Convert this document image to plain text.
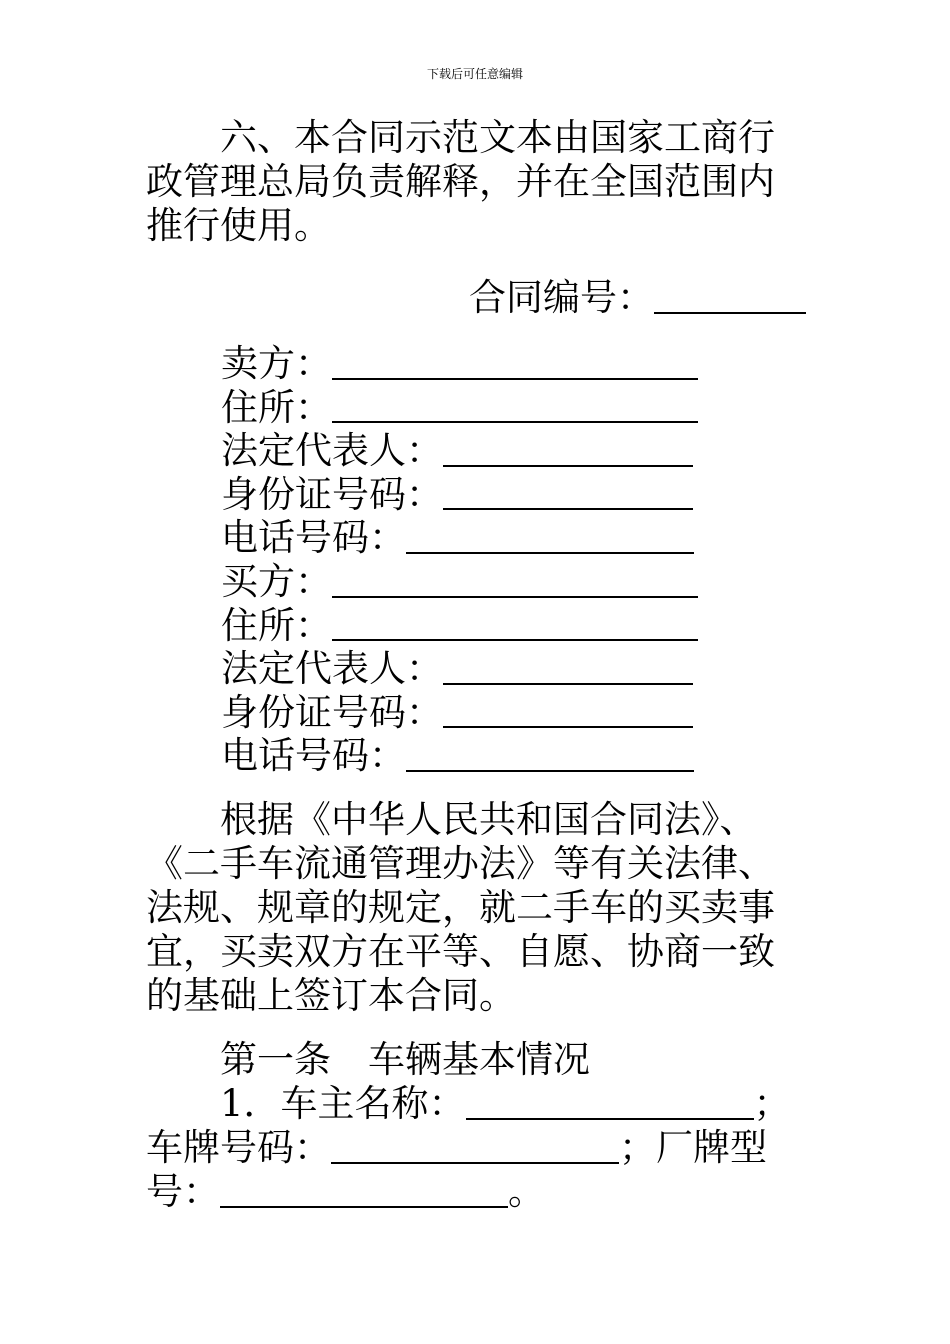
下载后可任意编辑

六、本合同示范文本由国家工商行政管理总局负责解释，并在全国范围内推行使用。

合同编号：
卖方：
住所：
法定代表人：
身份证号码：
电话号码：
买方：
住所：
法定代表人：
身份证号码：
电话号码：

根据《中华人民共和国合同法》、《二手车流通管理办法》等有关法律、法规、规章的规定，就二手车的买卖事宜，买卖双方在平等、自愿、协商一致的基础上签订本合同。

第一条　车辆基本情况
1．车主名称：	；
车牌号码：	； 厂牌型
号：	。
